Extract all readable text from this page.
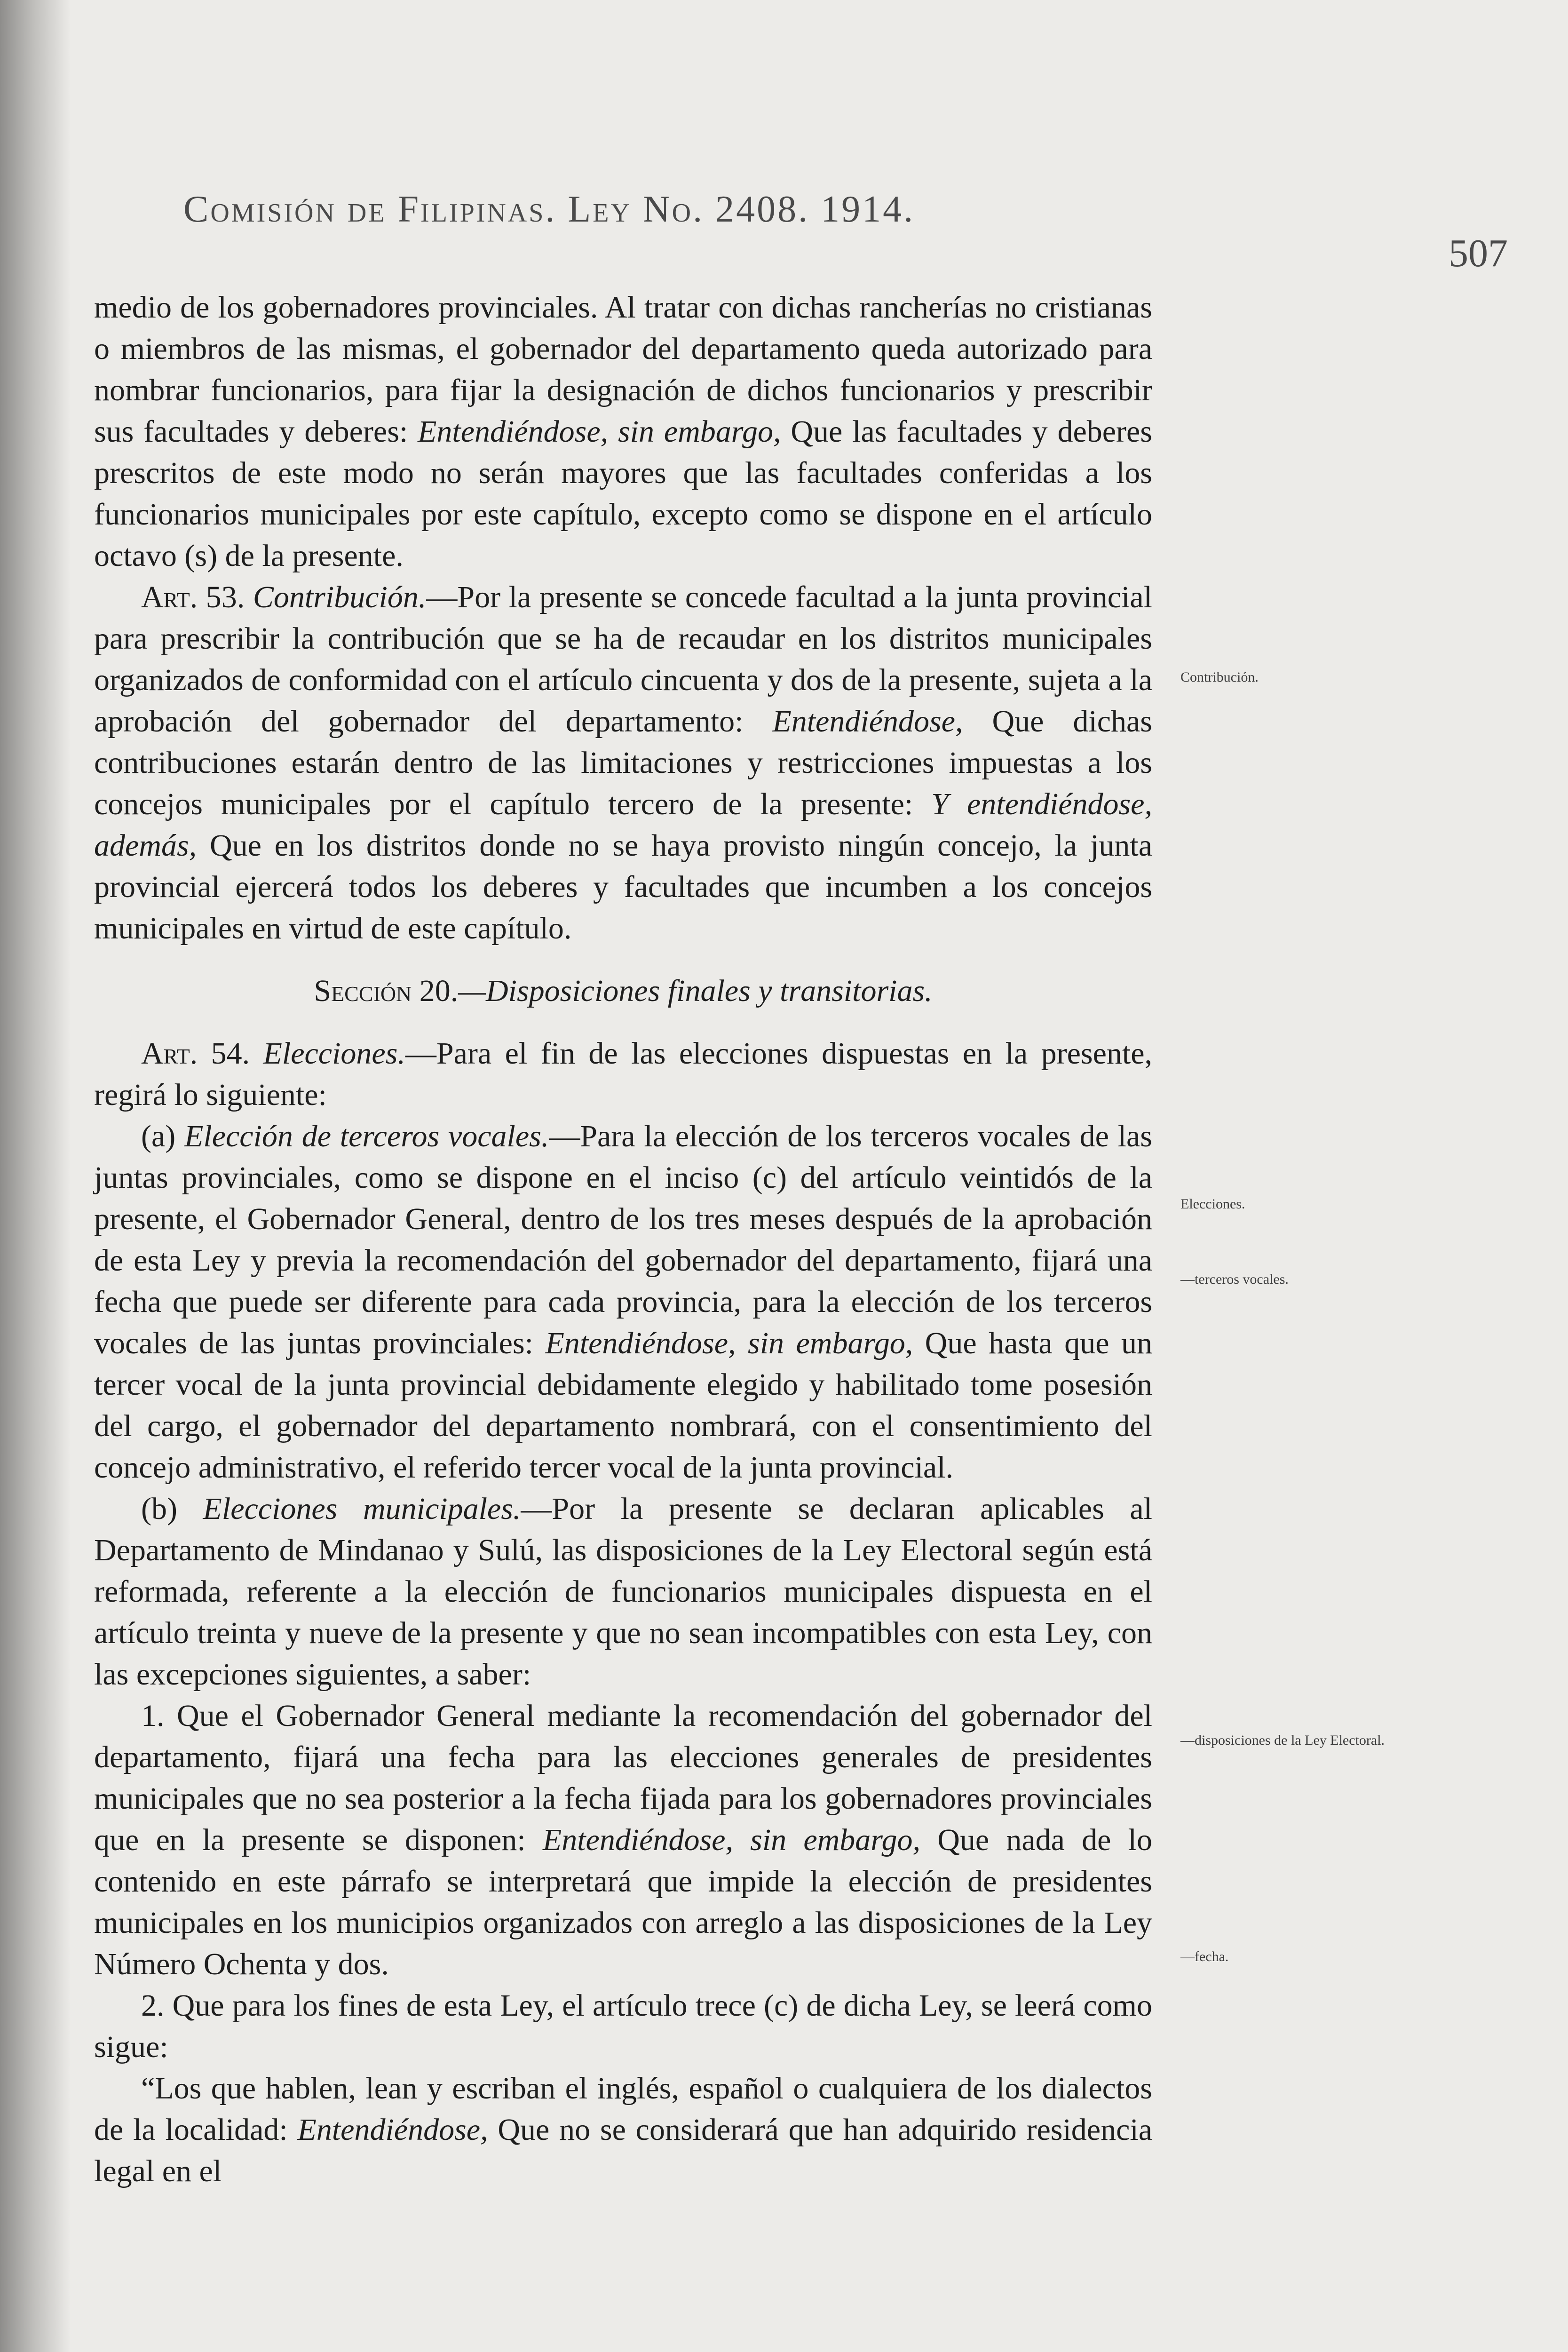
Comisión de Filipinas. Ley No. 2408. 1914.
507

medio de los gobernadores provinciales. Al tratar con dichas rancherías no cristianas o miembros de las mismas, el gobernador del departamento queda autorizado para nombrar funcionarios, para fijar la designación de dichos funcionarios y prescribir sus facultades y deberes: Entendiéndose, sin embargo, Que las facultades y deberes prescritos de este modo no serán mayores que las facultades conferidas a los funcionarios municipales por este capítulo, excepto como se dispone en el artículo octavo (s) de la presente.

Art. 53. Contribución.—Por la presente se concede facultad a la junta provincial para prescribir la contribución que se ha de recaudar en los distritos municipales organizados de conformidad con el artículo cincuenta y dos de la presente, sujeta a la aprobación del gobernador del departamento: Entendiéndose, Que dichas contribuciones estarán dentro de las limitaciones y restricciones impuestas a los concejos municipales por el capítulo tercero de la presente: Y entendiéndose, además, Que en los distritos donde no se haya provisto ningún concejo, la junta provincial ejercerá todos los deberes y facultades que incumben a los concejos municipales en virtud de este capítulo.

Sección 20.—Disposiciones finales y transitorias.

Art. 54. Elecciones.—Para el fin de las elecciones dispuestas en la presente, regirá lo siguiente:

(a) Elección de terceros vocales.—Para la elección de los terceros vocales de las juntas provinciales, como se dispone en el inciso (c) del artículo veintidós de la presente, el Gobernador General, dentro de los tres meses después de la aprobación de esta Ley y previa la recomendación del gobernador del departamento, fijará una fecha que puede ser diferente para cada provincia, para la elección de los terceros vocales de las juntas provinciales: Entendiéndose, sin embargo, Que hasta que un tercer vocal de la junta provincial debidamente elegido y habilitado tome posesión del cargo, el gobernador del departamento nombrará, con el consentimiento del concejo administrativo, el referido tercer vocal de la junta provincial.

(b) Elecciones municipales.—Por la presente se declaran aplicables al Departamento de Mindanao y Sulú, las disposiciones de la Ley Electoral según está reformada, referente a la elección de funcionarios municipales dispuesta en el artículo treinta y nueve de la presente y que no sean incompatibles con esta Ley, con las excepciones siguientes, a saber:

1. Que el Gobernador General mediante la recomendación del gobernador del departamento, fijará una fecha para las elecciones generales de presidentes municipales que no sea posterior a la fecha fijada para los gobernadores provinciales que en la presente se disponen: Entendiéndose, sin embargo, Que nada de lo contenido en este párrafo se interpretará que impide la elección de presidentes municipales en los municipios organizados con arreglo a las disposiciones de la Ley Número Ochenta y dos.

2. Que para los fines de esta Ley, el artículo trece (c) de dicha Ley, se leerá como sigue:

“Los que hablen, lean y escriban el inglés, español o cualquiera de los dialectos de la localidad: Entendiéndose, Que no se considerará que han adquirido residencia legal en el

Contribución.
Elecciones.
—terceros vocales.
—disposiciones de la Ley Electoral.
—fecha.
